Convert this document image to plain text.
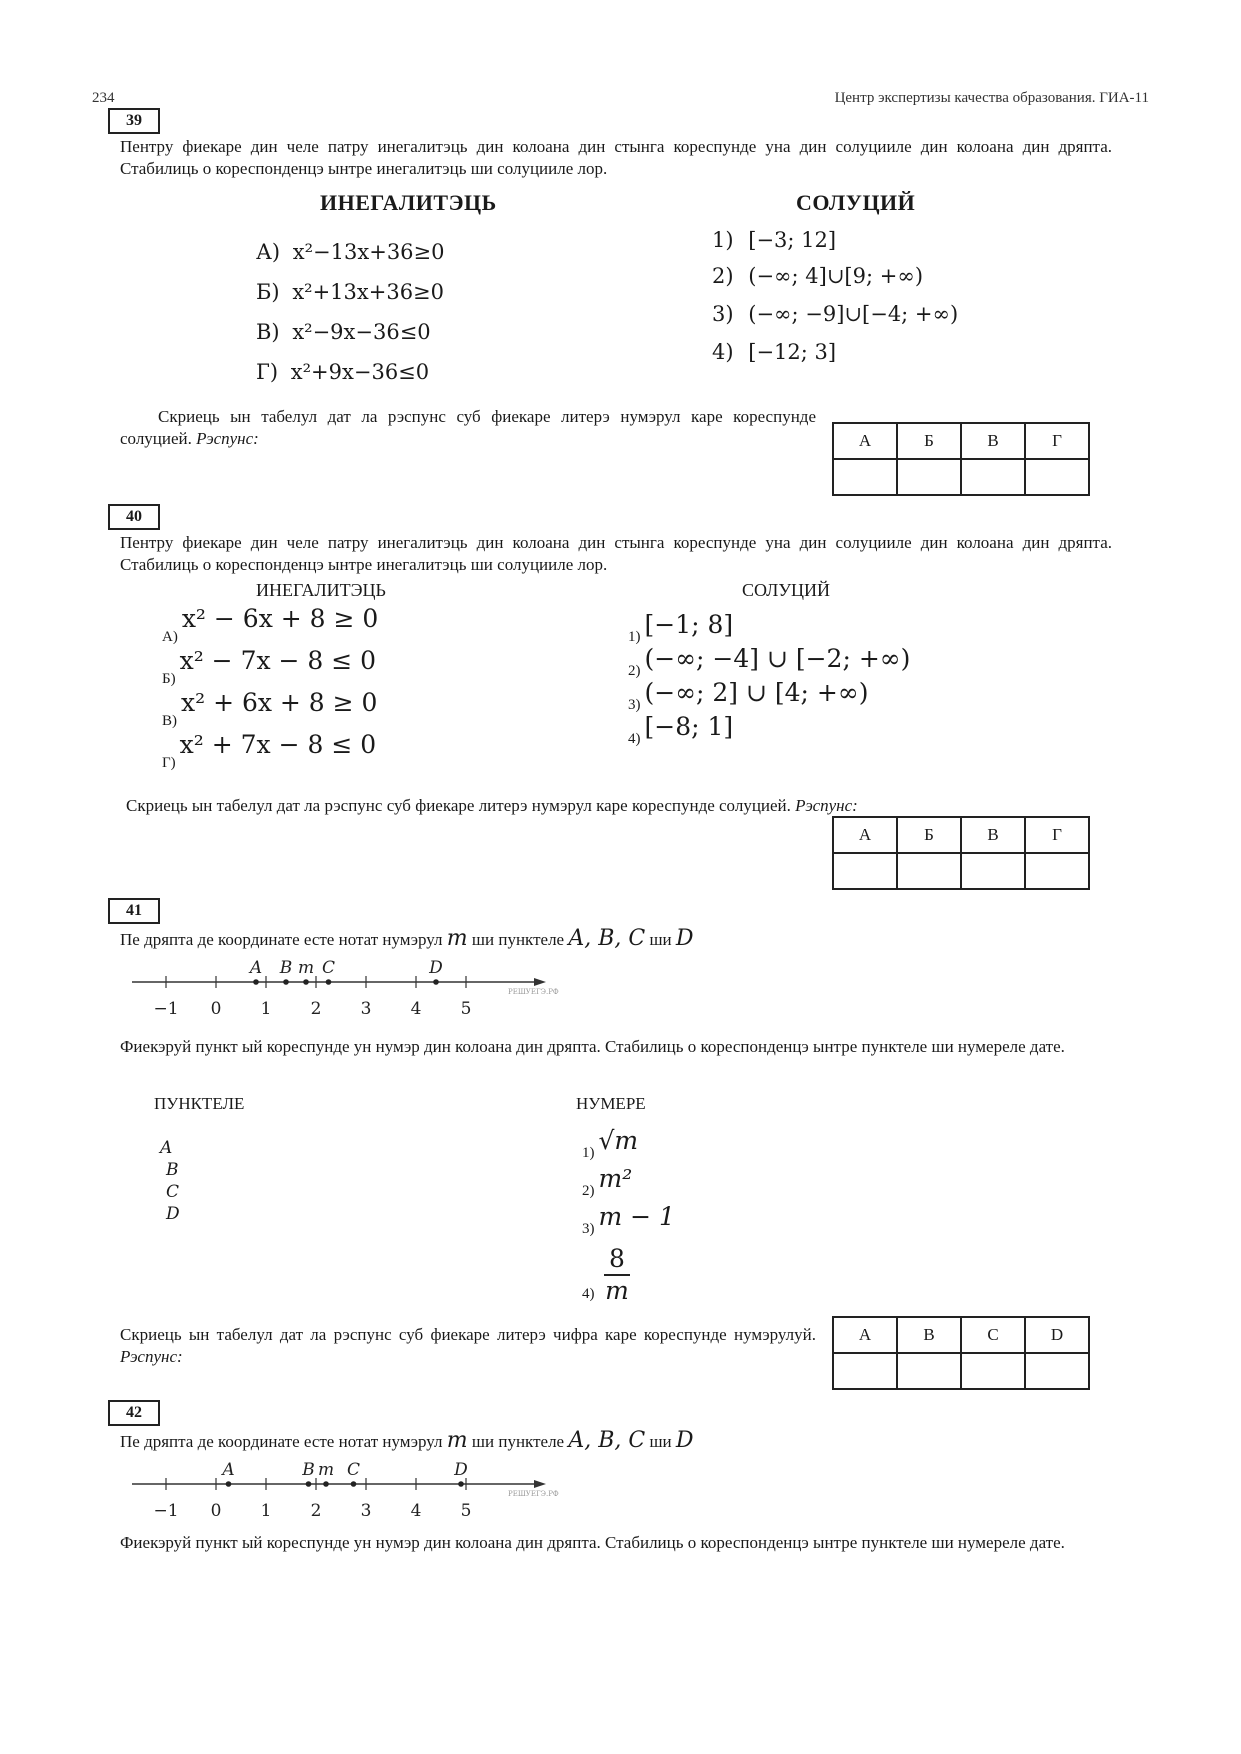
234	Центр экспертизы качества образования. ГИА-11
39
Пентру фиекаре дин челе патру инегалитэць дин колоана дин стынга кореспунде уна дин солуцииле дин колоана дин дряпта. Стабилиць о кореспонденцэ ынтре инегалитэць ши солуцииле лор.
ИНЕГАЛИТЭЦЬ	СОЛУЦИЙ
А) x²−13x+36≥0
Б) x²+13x+36≥0
В) x²−9x−36≤0
Г) x²+9x−36≤0
1) [−3; 12]
2) (−∞; 4]∪[9; +∞)
3) (−∞; −9]∪[−4; +∞)
4) [−12; 3]
Скриець ын табелул дат ла рэспунс суб фиекаре литерэ нумэрул каре кореспунде солуцией. Рэспунс:	А	Б	В	Г

40
Пентру фиекаре дин челе патру инегалитэць дин колоана дин стынга кореспунде уна дин солуцииле дин колоана дин дряпта. Стабилиць о кореспонденцэ ынтре инегалитэць ши солуцииле лор.
ИНЕГАЛИТЭЦЬ	СОЛУЦИЙ
А) x² − 6x + 8 ≥ 0
Б) x² − 7x − 8 ≤ 0
В) x² + 6x + 8 ≥ 0
Г) x² + 7x − 8 ≤ 0
1) [−1; 8]
2) (−∞; −4] ∪ [−2; +∞)
3) (−∞; 2] ∪ [4; +∞)
4) [−8; 1]
Скриець ын табелул дат ла рэспунс суб фиекаре литерэ нумэрул каре кореспунде солуцией. Рэспунс:
А	Б	В	Г

41
Пе дряпта де координате есте нотат нумэрул m ши пунктеле A, B, C ши D
РЕШУЕГЭ.РФ
−1 0 1 2 3 4 5
A B m C	D
Фиекэруй пункт ый кореспунде ун нумэр дин колоана дин дряпта. Стабилиць о кореспонденцэ ынтре пунктеле ши нумереле дате.
ПУНКТЕЛЕ	НУМЕРЕ
A
B
C
D
1) √m
2) m²
3) m − 1
$4) \frac{8}{m}$
Скриець ын табелул дат ла рэспунс суб фиекаре литерэ чифра каре кореспунде нумэрулуй. Рэспунс:
A	B	C	D

42
Пе дряпта де координате есте нотат нумэрул m ши пунктеле A, B, C ши D
РЕШУЕГЭ.РФ
−1 0 1 2 3 4 5
A	B m C	D
Фиекэруй пункт ый кореспунде ун нумэр дин колоана дин дряпта. Стабилиць о кореспонденцэ ынтре пунктеле ши нумереле дате.
